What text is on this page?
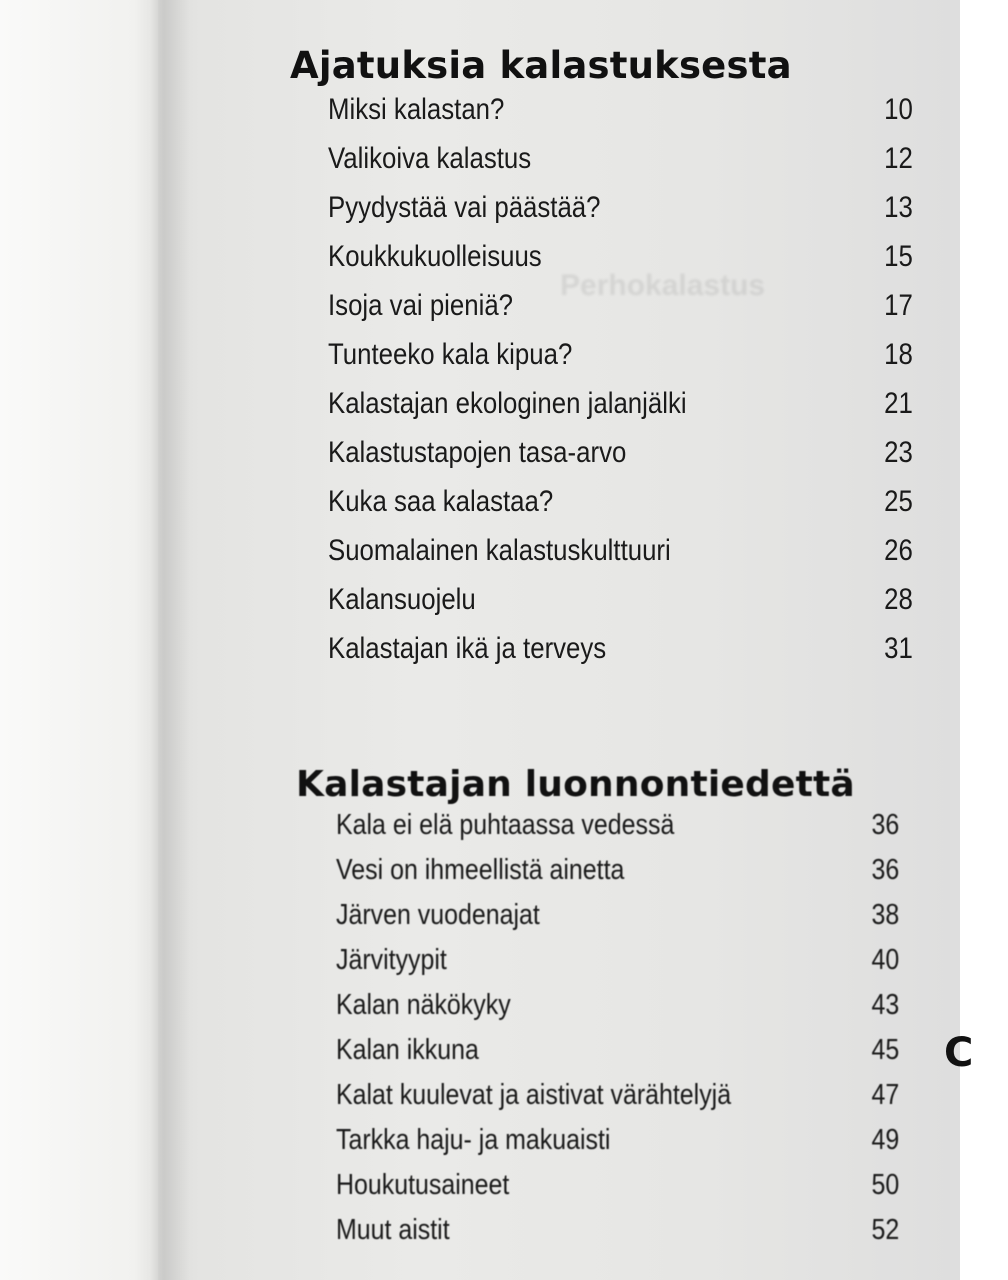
Perhokalastus
Ajatuksia kalastuksesta
Miksi kalastan?	10
Valikoiva kalastus	12
Pyydystää vai päästää?	13
Koukkukuolleisuus	15
Isoja vai pieniä?	17
Tunteeko kala kipua?	18
Kalastajan ekologinen jalanjälki	21
Kalastustapojen tasa-arvo	23
Kuka saa kalastaa?	25
Suomalainen kalastuskulttuuri	26
Kalansuojelu	28
Kalastajan ikä ja terveys	31
Kalastajan luonnontiedettä
Kala ei elä puhtaassa vedessä	36
Vesi on ihmeellistä ainetta	36
Järven vuodenajat	38
Järvityypit	40
Kalan näkökyky	43
Kalan ikkuna	45
Kalat kuulevat ja aistivat värähtelyjä	47
Tarkka haju- ja makuaisti	49
Houkutusaineet	50
Muut aistit	52
C
